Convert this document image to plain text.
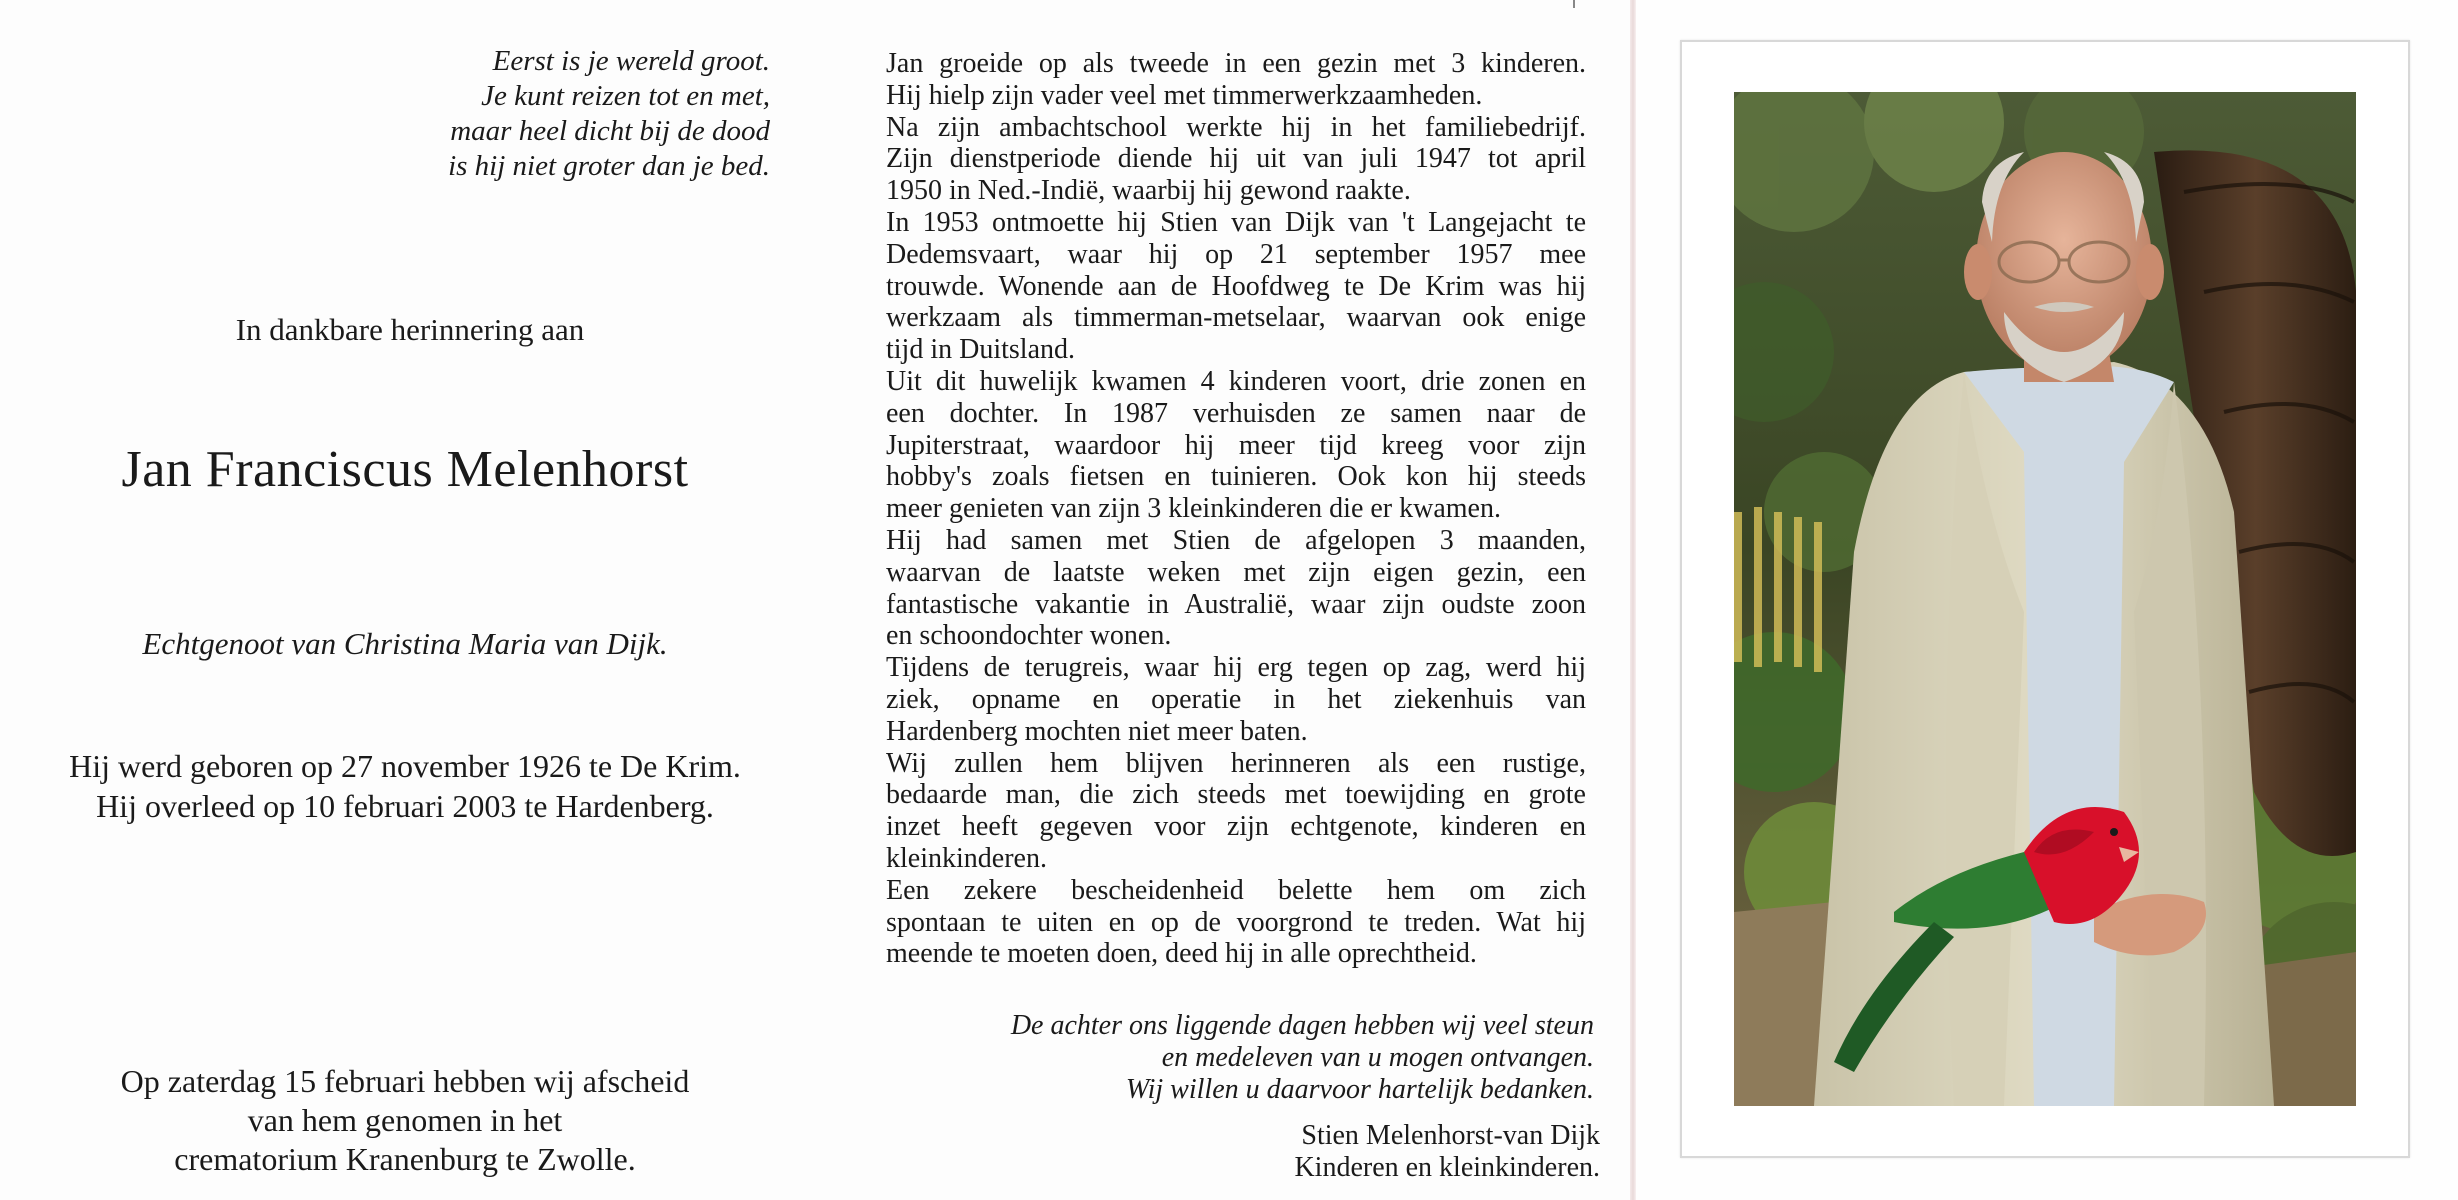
Eerst is je wereld groot.
Je kunt reizen tot en met,
maar heel dicht bij de dood
is hij niet groter dan je bed.
In dankbare herinnering aan
Jan Franciscus Melenhorst
Echtgenoot van Christina Maria van Dijk.
Hij werd geboren op 27 november 1926 te De Krim.
Hij overleed op 10 februari 2003 te Hardenberg.
Op zaterdag 15 februari hebben wij afscheid
van hem genomen in het
crematorium Kranenburg te Zwolle.
Jan groeide op als tweede in een gezin met 3 kinderen.
Hij hielp zijn vader veel met timmerwerkzaamheden.
Na zijn ambachtschool werkte hij in het familiebedrijf.
Zijn dienstperiode diende hij uit van juli 1947 tot april
1950 in Ned.-Indië, waarbij hij gewond raakte.
In 1953 ontmoette hij Stien van Dijk van 't Langejacht te
Dedemsvaart, waar hij op 21 september 1957 mee
trouwde. Wonende aan de Hoofdweg te De Krim was hij
werkzaam als timmerman-metselaar, waarvan ook enige
tijd in Duitsland.
Uit dit huwelijk kwamen 4 kinderen voort, drie zonen en
een dochter. In 1987 verhuisden ze samen naar de
Jupiterstraat, waardoor hij meer tijd kreeg voor zijn
hobby's zoals fietsen en tuinieren. Ook kon hij steeds
meer genieten van zijn 3 kleinkinderen die er kwamen.
Hij had samen met Stien de afgelopen 3 maanden,
waarvan de laatste weken met zijn eigen gezin, een
fantastische vakantie in Australië, waar zijn oudste zoon
en schoondochter wonen.
Tijdens de terugreis, waar hij erg tegen op zag, werd hij
ziek, opname en operatie in het ziekenhuis van
Hardenberg mochten niet meer baten.
Wij zullen hem blijven herinneren als een rustige,
bedaarde man, die zich steeds met toewijding en grote
inzet heeft gegeven voor zijn echtgenote, kinderen en
kleinkinderen.
Een zekere bescheidenheid belette hem om zich
spontaan te uiten en op de voorgrond te treden. Wat hij
meende te moeten doen, deed hij in alle oprechtheid.
De achter ons liggende dagen hebben wij veel steun
en medeleven van u mogen ontvangen.
Wij willen u daarvoor hartelijk bedanken.
Stien Melenhorst-van Dijk
Kinderen en kleinkinderen.
